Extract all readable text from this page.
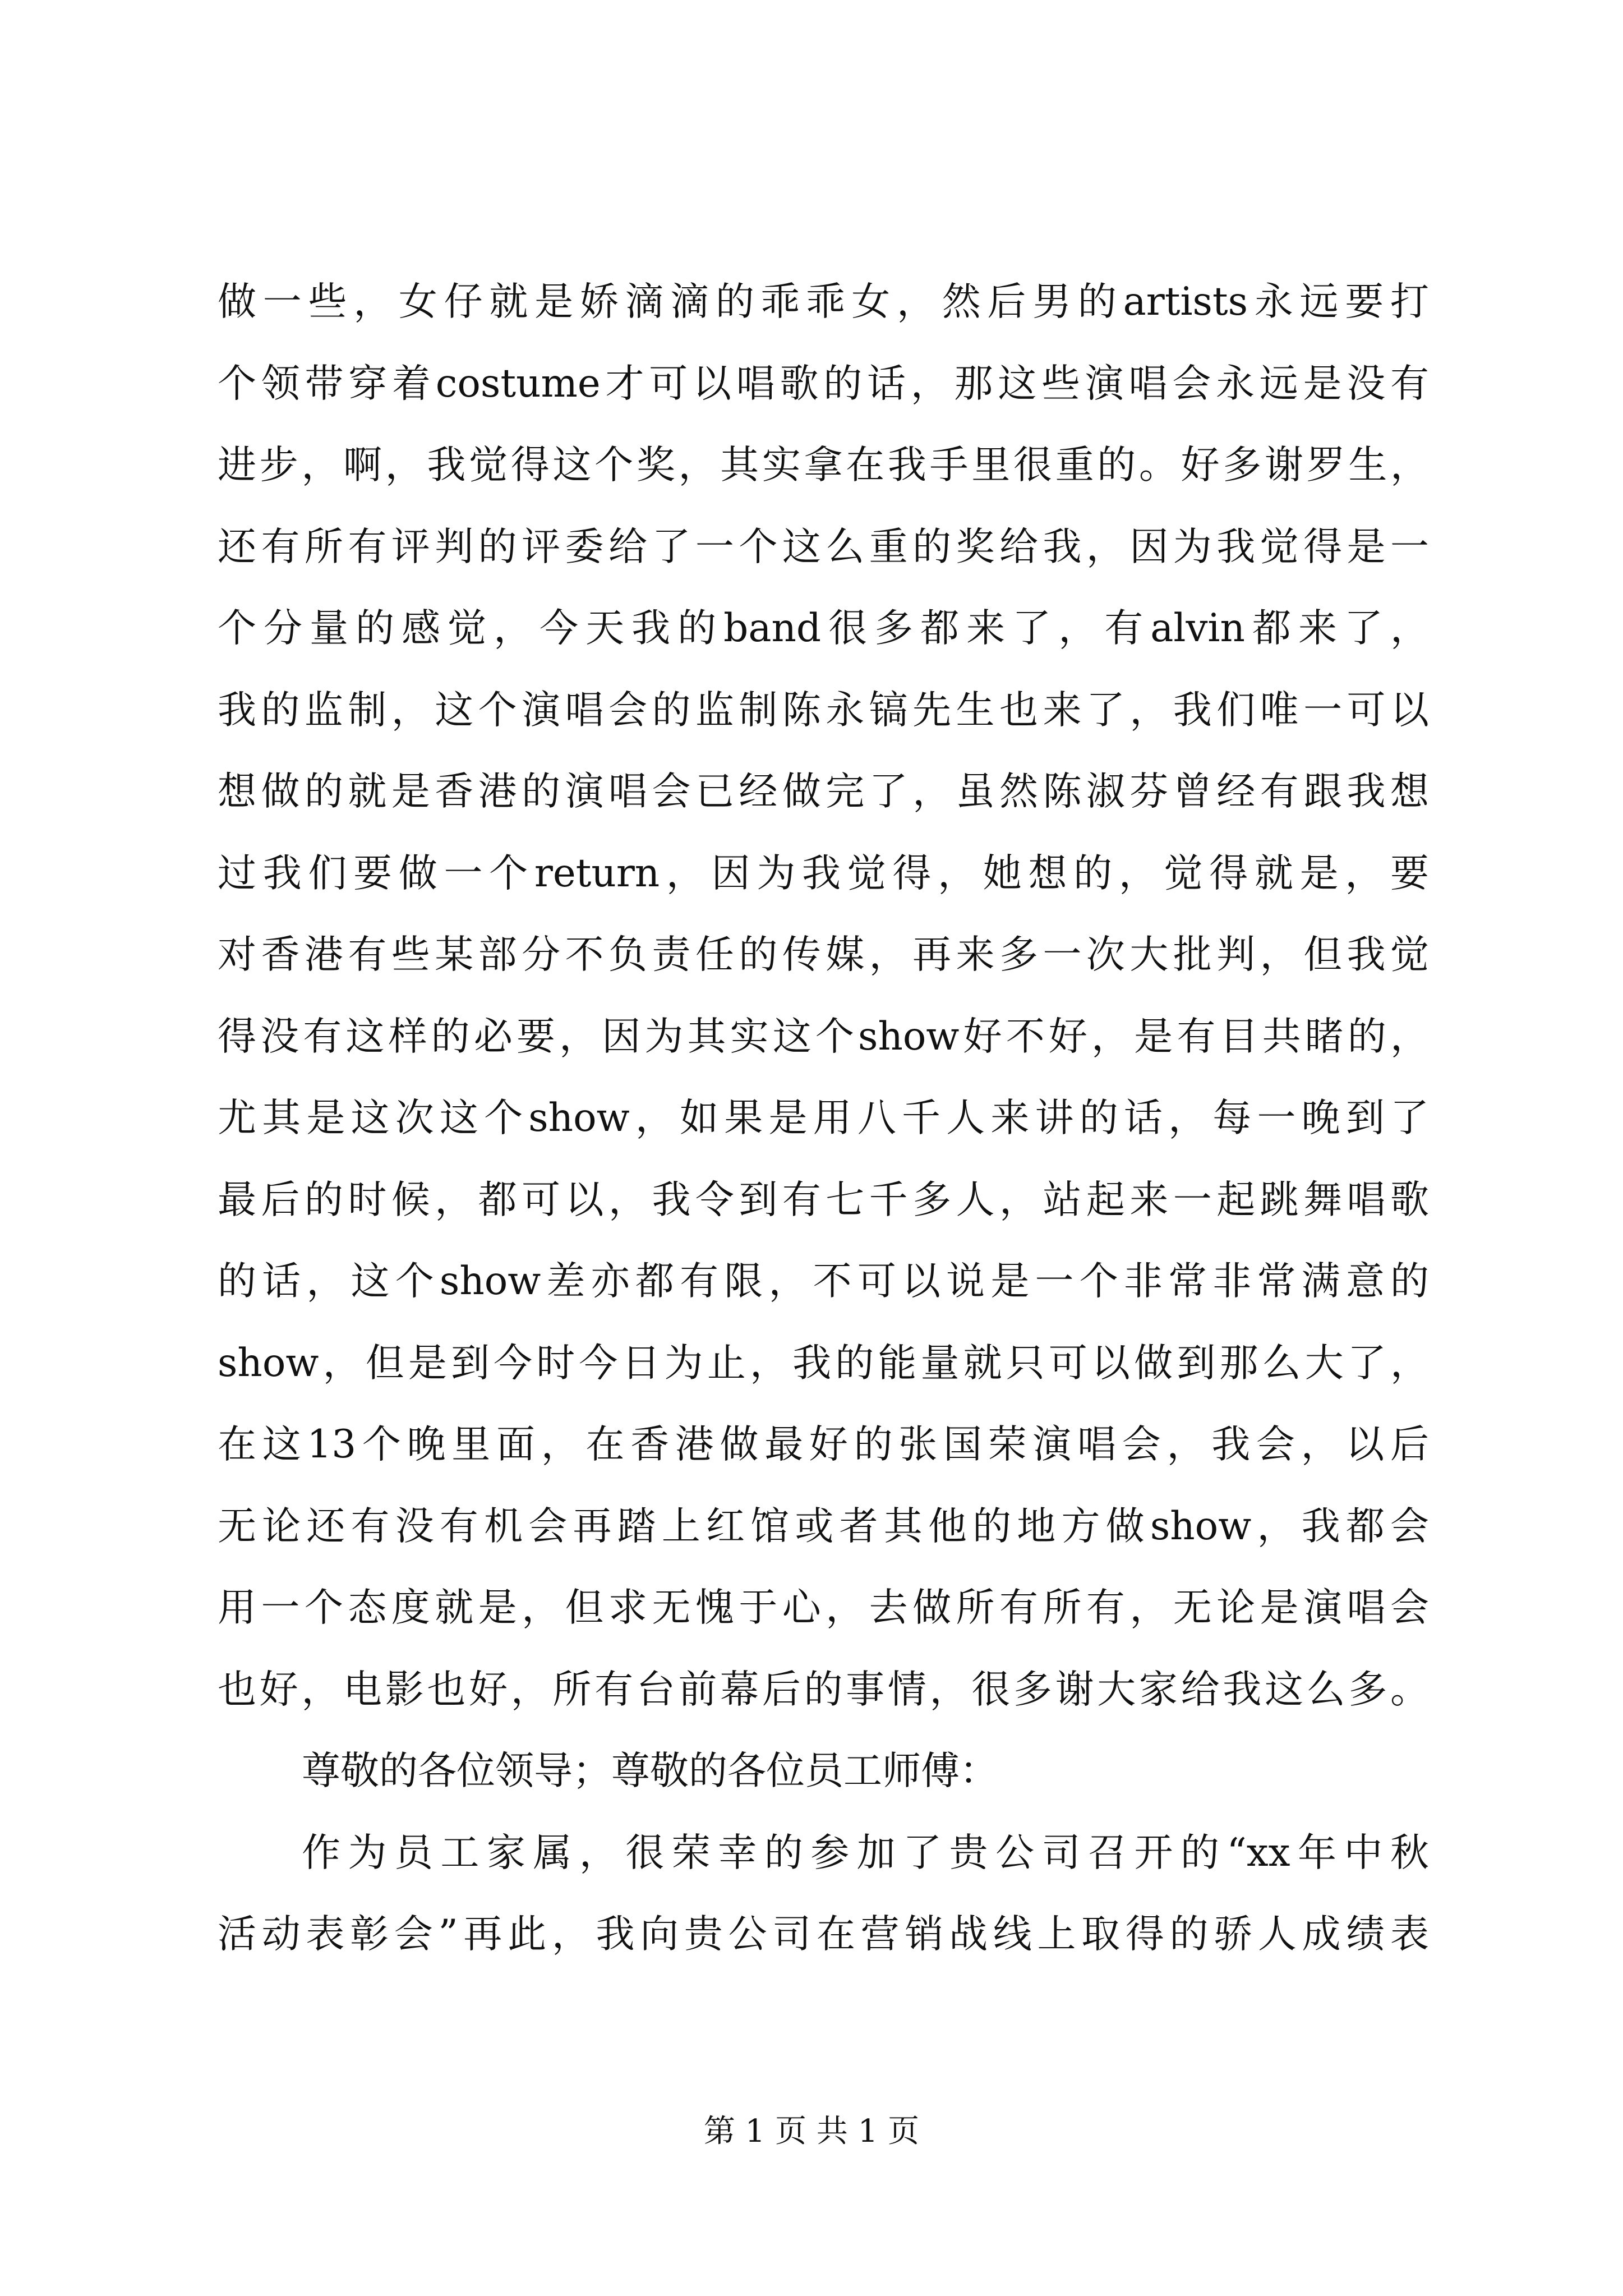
做一些，女仔就是娇滴滴的乖乖女，然后男的artists永远要打
个领带穿着costume才可以唱歌的话，那这些演唱会永远是没有
进步，啊，我觉得这个奖，其实拿在我手里很重的。好多谢罗生，
还有所有评判的评委给了一个这么重的奖给我，因为我觉得是一
个分量的感觉，今天我的band很多都来了，有alvin都来了，
我的监制，这个演唱会的监制陈永镐先生也来了，我们唯一可以
想做的就是香港的演唱会已经做完了，虽然陈淑芬曾经有跟我想
过我们要做一个return，因为我觉得，她想的，觉得就是，要
对香港有些某部分不负责任的传媒，再来多一次大批判，但我觉
得没有这样的必要，因为其实这个show好不好，是有目共睹的，
尤其是这次这个show，如果是用八千人来讲的话，每一晚到了
最后的时候，都可以，我令到有七千多人，站起来一起跳舞唱歌
的话，这个show差亦都有限，不可以说是一个非常非常满意的
show，但是到今时今日为止，我的能量就只可以做到那么大了，
在这13个晚里面，在香港做最好的张国荣演唱会，我会，以后
无论还有没有机会再踏上红馆或者其他的地方做show，我都会
用一个态度就是，但求无愧于心，去做所有所有，无论是演唱会
也好，电影也好，所有台前幕后的事情，很多谢大家给我这么多。
尊敬的各位领导；尊敬的各位员工师傅：
作为员工家属，很荣幸的参加了贵公司召开的“xx年中秋
活动表彰会”再此，我向贵公司在营销战线上取得的骄人成绩表
第 1 页 共 1 页
